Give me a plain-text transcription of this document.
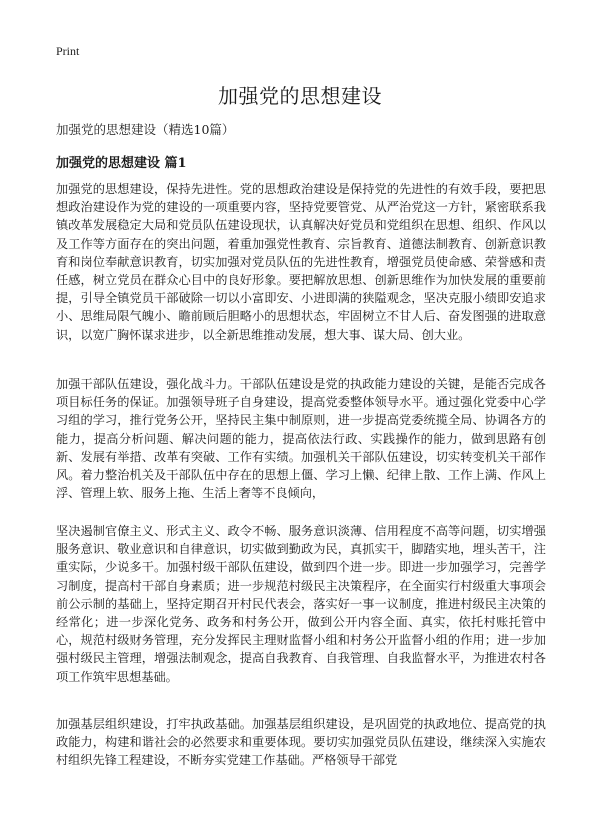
Print
加强党的思想建设
加强党的思想建设（精选10篇）
加强党的思想建设 篇1

加强党的思想建设，保持先进性。党的思想政治建设是保持党的先进性的有效手段，要把思想政治建设作为党的建设的一项重要内容，坚持党要管党、从严治党这一方针，紧密联系我镇改革发展稳定大局和党员队伍建设现状，认真解决好党员和党组织在思想、组织、作风以及工作等方面存在的突出问题，着重加强党性教育、宗旨教育、道德法制教育、创新意识教育和岗位奉献意识教育，切实加强对党员队伍的先进性教育，增强党员使命感、荣誉感和责任感，树立党员在群众心目中的良好形象。要把解放思想、创新思维作为加快发展的重要前提，引导全镇党员干部破除一切以小富即安、小进即满的狭隘观念，坚决克服小绩即安追求小、思维局限气魄小、瞻前顾后胆略小的思想状态，牢固树立不甘人后、奋发图强的进取意识，以宽广胸怀谋求进步，以全新思维推动发展，想大事、谋大局、创大业。

加强干部队伍建设，强化战斗力。干部队伍建设是党的执政能力建设的关键，是能否完成各项目标任务的保证。加强领导班子自身建设，提高党委整体领导水平。通过强化党委中心学习组的学习，推行党务公开，坚持民主集中制原则，进一步提高党委统揽全局、协调各方的能力，提高分析问题、解决问题的能力，提高依法行政、实践操作的能力，做到思路有创新、发展有举措、改革有突破、工作有实绩。加强机关干部队伍建设，切实转变机关干部作风。着力整治机关及干部队伍中存在的思想上僵、学习上懒、纪律上散、工作上满、作风上浮、管理上软、服务上拖、生活上奢等不良倾向，

坚决遏制官僚主义、形式主义、政令不畅、服务意识淡薄、信用程度不高等问题，切实增强服务意识、敬业意识和自律意识，切实做到勤政为民，真抓实干，脚踏实地，埋头苦干，注重实际，少说多干。加强村级干部队伍建设，做到四个进一步。即进一步加强学习，完善学习制度，提高村干部自身素质；进一步规范村级民主决策程序，在全面实行村级重大事项会前公示制的基础上，坚持定期召开村民代表会，落实好一事一议制度，推进村级民主决策的经常化；进一步深化党务、政务和村务公开，做到公开内容全面、真实，依托村账托管中心，规范村级财务管理，充分发挥民主理财监督小组和村务公开监督小组的作用；进一步加强村级民主管理，增强法制观念，提高自我教育、自我管理、自我监督水平，为推进农村各项工作筑牢思想基础。

加强基层组织建设，打牢执政基础。加强基层组织建设，是巩固党的执政地位、提高党的执政能力，构建和谐社会的必然要求和重要体现。要切实加强党员队伍建设，继续深入实施农村组织先锋工程建设，不断夯实党建工作基础。严格领导干部党
